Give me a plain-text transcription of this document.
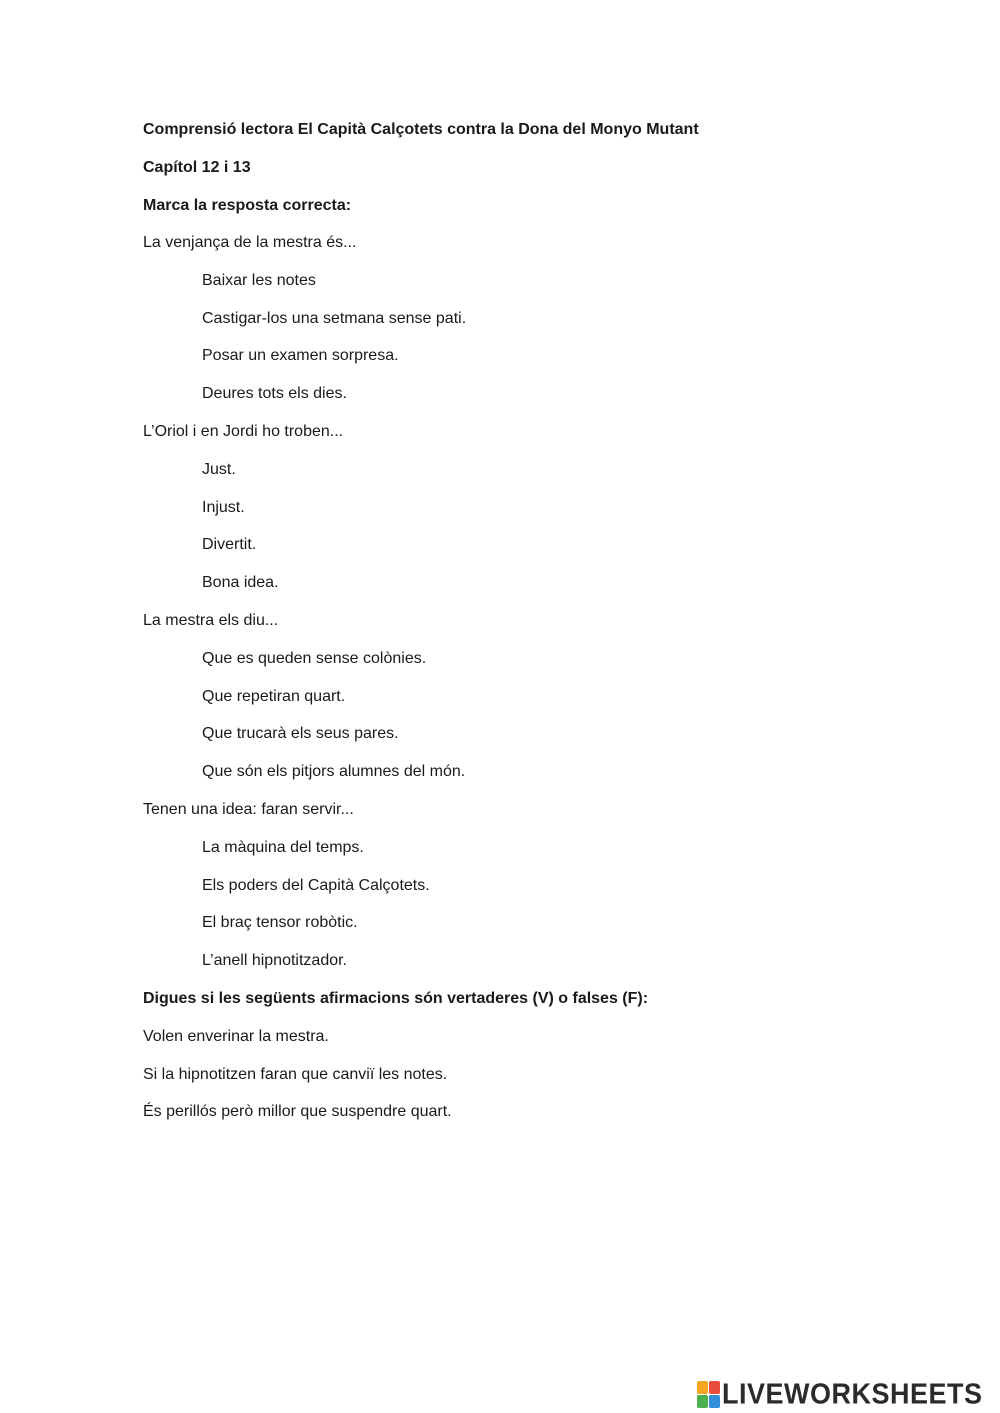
Comprensió lectora El Capità Calçotets contra la Dona del Monyo Mutant
Capítol 12 i 13
Marca la resposta correcta:
La venjança de la mestra és...
Baixar les notes
Castigar-los una setmana sense pati.
Posar un examen sorpresa.
Deures tots els dies.
L’Oriol i en Jordi ho troben...
Just.
Injust.
Divertit.
Bona idea.
La mestra els diu...
Que es queden sense colònies.
Que repetiran quart.
Que trucarà els seus pares.
Que són els pitjors alumnes del món.
Tenen una idea: faran servir...
La màquina del temps.
Els poders del Capità Calçotets.
El braç tensor robòtic.
L’anell hipnotitzador.
Digues si les següents afirmacions són vertaderes (V) o falses (F):
Volen enverinar la mestra.
Si la hipnotitzen faran que canviï les notes.
És perillós però millor que suspendre quart.
LIVEWORKSHEETS
